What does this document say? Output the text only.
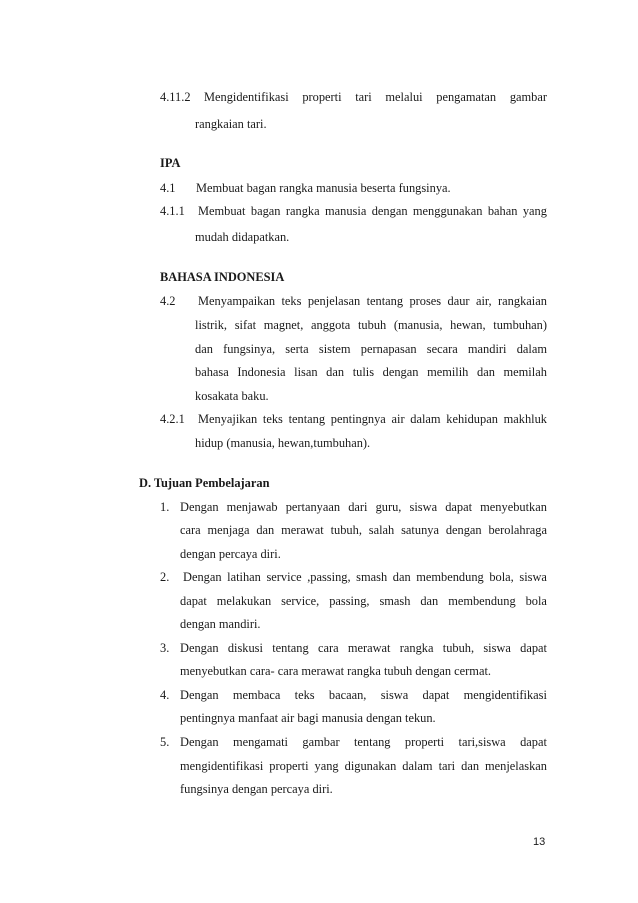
4.11.2 Mengidentifikasi properti tari melalui pengamatan gambar
rangkaian tari.
IPA
4.1 Membuat bagan rangka manusia beserta fungsinya.
4.1.1 Membuat bagan rangka manusia dengan menggunakan bahan yang
mudah didapatkan.
BAHASA INDONESIA
4.2 Menyampaikan teks penjelasan tentang proses daur air, rangkaian
listrik, sifat magnet, anggota tubuh (manusia, hewan, tumbuhan)
dan fungsinya, serta sistem pernapasan secara mandiri dalam
bahasa Indonesia lisan dan tulis dengan memilih dan memilah
kosakata baku.
4.2.1 Menyajikan teks tentang pentingnya air dalam kehidupan makhluk
hidup (manusia, hewan,tumbuhan).
D. Tujuan Pembelajaran
1. Dengan menjawab pertanyaan dari guru, siswa dapat menyebutkan
cara menjaga dan merawat tubuh, salah satunya dengan berolahraga
dengan percaya diri.
2. Dengan latihan service ,passing, smash dan membendung bola, siswa
dapat melakukan service, passing, smash dan membendung bola
dengan mandiri.
3. Dengan diskusi tentang cara merawat rangka tubuh, siswa dapat
menyebutkan cara- cara merawat rangka tubuh dengan cermat.
4. Dengan membaca teks bacaan, siswa dapat mengidentifikasi
pentingnya manfaat air bagi manusia dengan tekun.
5. Dengan mengamati gambar tentang properti tari,siswa dapat
mengidentifikasi properti yang digunakan dalam tari dan menjelaskan
fungsinya dengan percaya diri.
13
